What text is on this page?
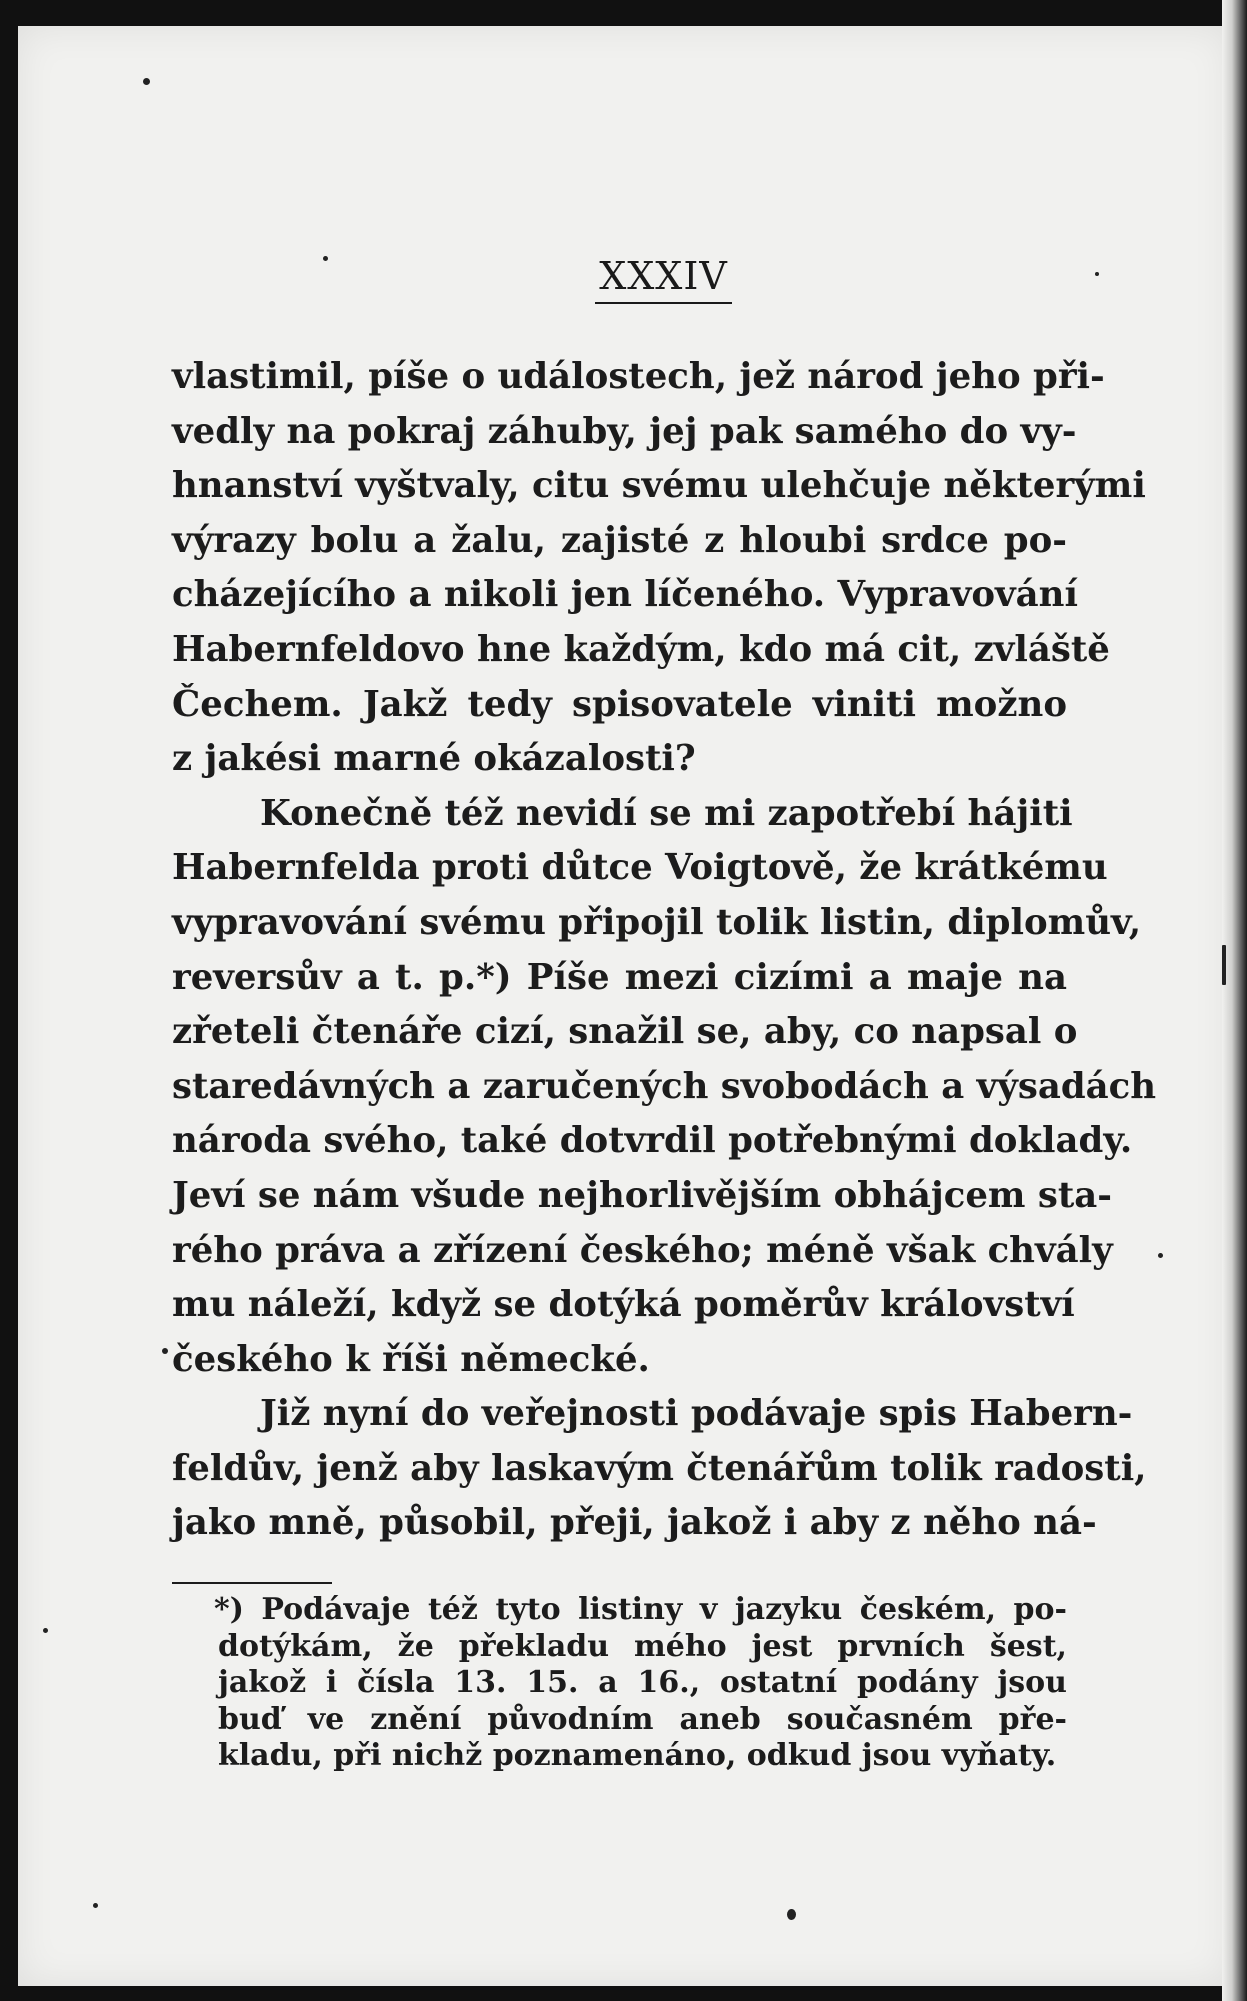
XXXIV
vlastimil, píše o událostech, jež národ jeho při-
vedly na pokraj záhuby, jej pak samého do vy-
hnanství vyštvaly, citu svému ulehčuje některými
výrazy bolu a žalu, zajisté z hloubi srdce po-
cházejícího a nikoli jen líčeného. Vypravování
Habernfeldovo hne každým, kdo má cit, zvláště
Čechem. Jakž tedy spisovatele viniti možno
z jakési marné okázalosti?
Konečně též nevidí se mi zapotřebí hájiti
Habernfelda proti důtce Voigtově, že krátkému
vypravování svému připojil tolik listin, diplomův,
reversův a t. p.*) Píše mezi cizími a maje na
zřeteli čtenáře cizí, snažil se, aby, co napsal o
staredávných a zaručených svobodách a výsadách
národa svého, také dotvrdil potřebnými doklady.
Jeví se nám všude nejhorlivějším obhájcem sta-
rého práva a zřízení českého; méně však chvály
mu náleží, když se dotýká poměrův království
českého k říši německé.
Již nyní do veřejnosti podávaje spis Habern-
feldův, jenž aby laskavým čtenářům tolik radosti,
jako mně, působil, přeji, jakož i aby z něho ná-
*) Podávaje též tyto listiny v jazyku českém, po-
dotýkám, že překladu mého jest prvních šest,
jakož i čísla 13. 15. a 16., ostatní podány jsou
buď ve znění původním aneb současném pře-
kladu, při nichž poznamenáno, odkud jsou vyňaty.
